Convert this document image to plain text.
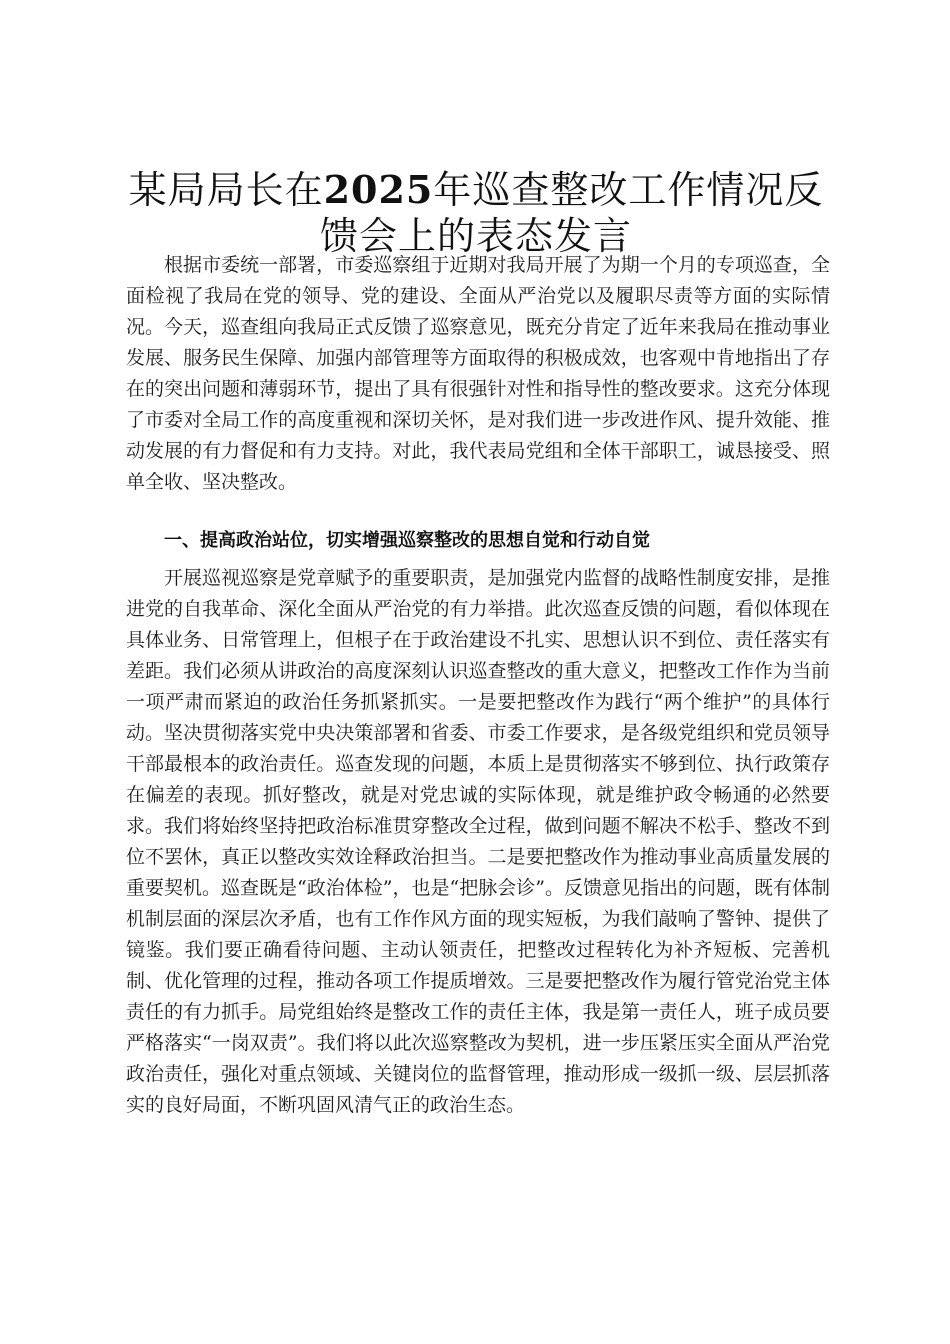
某局局长在2025年巡查整改工作情况反馈会上的表态发言

根据市委统一部署，市委巡察组于近期对我局开展了为期一个月的专项巡查，全面检视了我局在党的领导、党的建设、全面从严治党以及履职尽责等方面的实际情况。今天，巡查组向我局正式反馈了巡察意见，既充分肯定了近年来我局在推动事业发展、服务民生保障、加强内部管理等方面取得的积极成效，也客观中肯地指出了存在的突出问题和薄弱环节，提出了具有很强针对性和指导性的整改要求。这充分体现了市委对全局工作的高度重视和深切关怀，是对我们进一步改进作风、提升效能、推动发展的有力督促和有力支持。对此，我代表局党组和全体干部职工，诚恳接受、照单全收、坚决整改。

一、提高政治站位，切实增强巡察整改的思想自觉和行动自觉

开展巡视巡察是党章赋予的重要职责，是加强党内监督的战略性制度安排，是推进党的自我革命、深化全面从严治党的有力举措。此次巡查反馈的问题，看似体现在具体业务、日常管理上，但根子在于政治建设不扎实、思想认识不到位、责任落实有差距。我们必须从讲政治的高度深刻认识巡查整改的重大意义，把整改工作作为当前一项严肃而紧迫的政治任务抓紧抓实。一是要把整改作为践行“两个维护”的具体行动。坚决贯彻落实党中央决策部署和省委、市委工作要求，是各级党组织和党员领导干部最根本的政治责任。巡查发现的问题，本质上是贯彻落实不够到位、执行政策存在偏差的表现。抓好整改，就是对党忠诚的实际体现，就是维护政令畅通的必然要求。我们将始终坚持把政治标准贯穿整改全过程，做到问题不解决不松手、整改不到位不罢休，真正以整改实效诠释政治担当。二是要把整改作为推动事业高质量发展的重要契机。巡查既是“政治体检”，也是“把脉会诊”。反馈意见指出的问题，既有体制机制层面的深层次矛盾，也有工作作风方面的现实短板，为我们敲响了警钟、提供了镜鉴。我们要正确看待问题、主动认领责任，把整改过程转化为补齐短板、完善机制、优化管理的过程，推动各项工作提质增效。三是要把整改作为履行管党治党主体责任的有力抓手。局党组始终是整改工作的责任主体，我是第一责任人，班子成员要严格落实“一岗双责”。我们将以此次巡察整改为契机，进一步压紧压实全面从严治党政治责任，强化对重点领域、关键岗位的监督管理，推动形成一级抓一级、层层抓落实的良好局面，不断巩固风清气正的政治生态。
